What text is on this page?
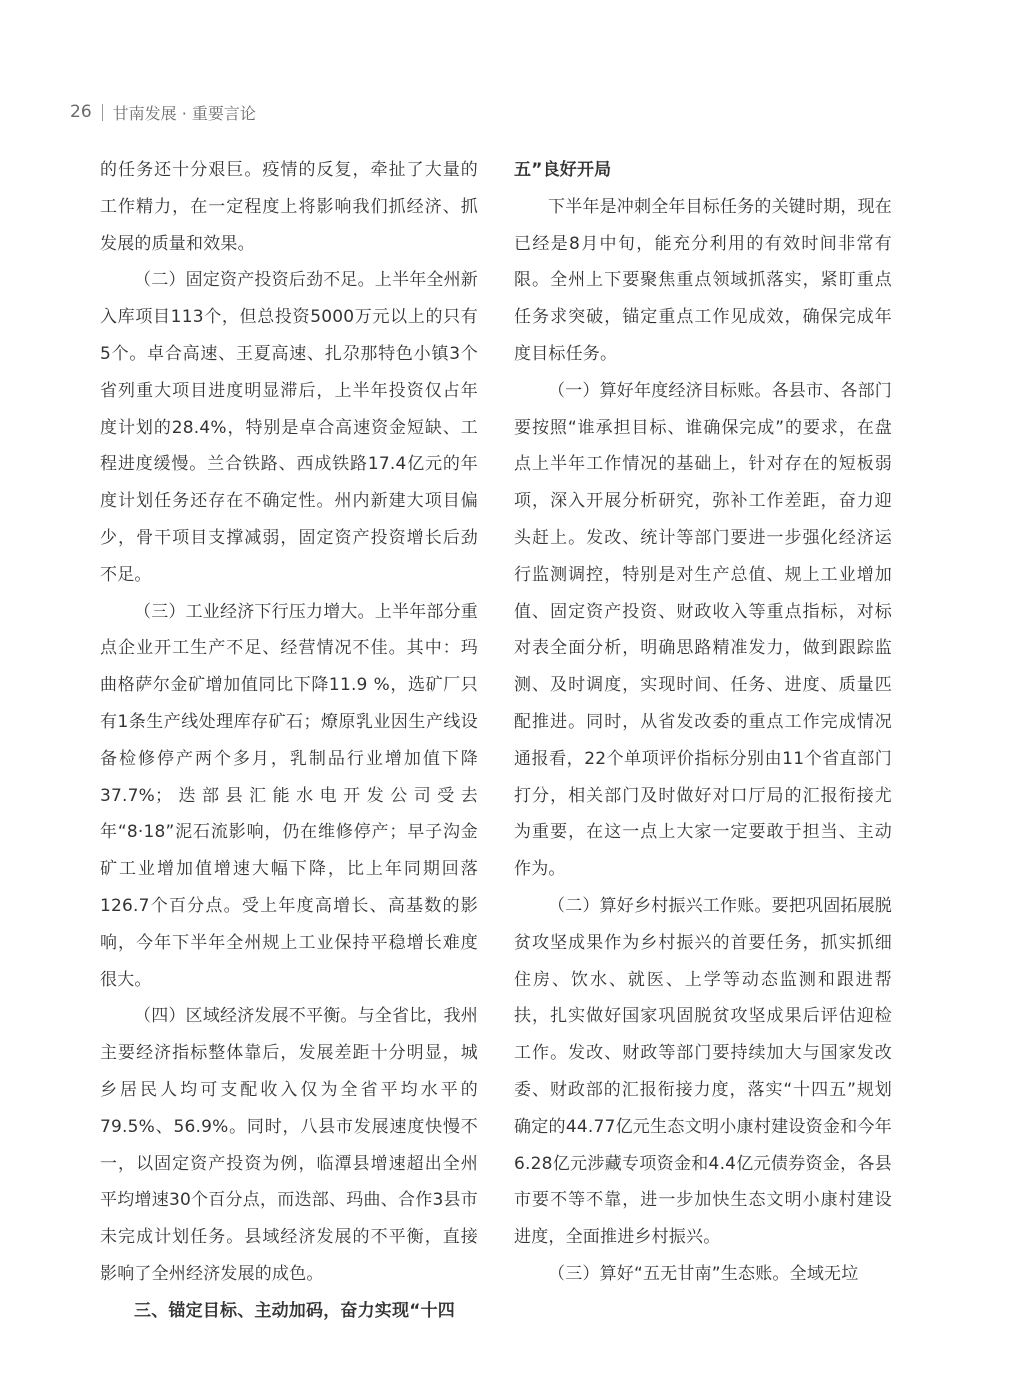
26 甘南发展 · 重要言论

的任务还十分艰巨。疫情的反复，牵扯了大量的工作精力，在一定程度上将影响我们抓经济、抓发展的质量和效果。

（二）固定资产投资后劲不足。上半年全州新入库项目113个，但总投资5000万元以上的只有5个。卓合高速、王夏高速、扎尕那特色小镇3个省列重大项目进度明显滞后，上半年投资仅占年度计划的28.4%，特别是卓合高速资金短缺、工程进度缓慢。兰合铁路、西成铁路17.4亿元的年度计划任务还存在不确定性。州内新建大项目偏少，骨干项目支撑减弱，固定资产投资增长后劲不足。

（三）工业经济下行压力增大。上半年部分重点企业开工生产不足、经营情况不佳。其中：玛曲格萨尔金矿增加值同比下降11.9 %，选矿厂只有1条生产线处理库存矿石；燎原乳业因生产线设备检修停产两个多月，乳制品行业增加值下降37.7%；迭部县汇能水电开发公司受去年“8·18”泥石流影响，仍在维修停产；早子沟金矿工业增加值增速大幅下降，比上年同期回落126.7个百分点。受上年度高增长、高基数的影响，今年下半年全州规上工业保持平稳增长难度很大。

（四）区域经济发展不平衡。与全省比，我州主要经济指标整体靠后，发展差距十分明显，城乡居民人均可支配收入仅为全省平均水平的79.5%、56.9%。同时，八县市发展速度快慢不一，以固定资产投资为例，临潭县增速超出全州平均增速30个百分点，而迭部、玛曲、合作3县市未完成计划任务。县域经济发展的不平衡，直接影响了全州经济发展的成色。

三、锚定目标、主动加码，奋力实现“十四

五”良好开局

下半年是冲刺全年目标任务的关键时期，现在已经是8月中旬，能充分利用的有效时间非常有限。全州上下要聚焦重点领域抓落实，紧盯重点任务求突破，锚定重点工作见成效，确保完成年度目标任务。

（一）算好年度经济目标账。各县市、各部门要按照“谁承担目标、谁确保完成”的要求，在盘点上半年工作情况的基础上，针对存在的短板弱项，深入开展分析研究，弥补工作差距，奋力迎头赶上。发改、统计等部门要进一步强化经济运行监测调控，特别是对生产总值、规上工业增加值、固定资产投资、财政收入等重点指标，对标对表全面分析，明确思路精准发力，做到跟踪监测、及时调度，实现时间、任务、进度、质量匹配推进。同时，从省发改委的重点工作完成情况通报看，22个单项评价指标分别由11个省直部门打分，相关部门及时做好对口厅局的汇报衔接尤为重要，在这一点上大家一定要敢于担当、主动作为。

（二）算好乡村振兴工作账。要把巩固拓展脱贫攻坚成果作为乡村振兴的首要任务，抓实抓细住房、饮水、就医、上学等动态监测和跟进帮扶，扎实做好国家巩固脱贫攻坚成果后评估迎检工作。发改、财政等部门要持续加大与国家发改委、财政部的汇报衔接力度，落实“十四五”规划确定的44.77亿元生态文明小康村建设资金和今年6.28亿元涉藏专项资金和4.4亿元债券资金，各县市要不等不靠，进一步加快生态文明小康村建设进度，全面推进乡村振兴。

（三）算好“五无甘南”生态账。全域无垃
